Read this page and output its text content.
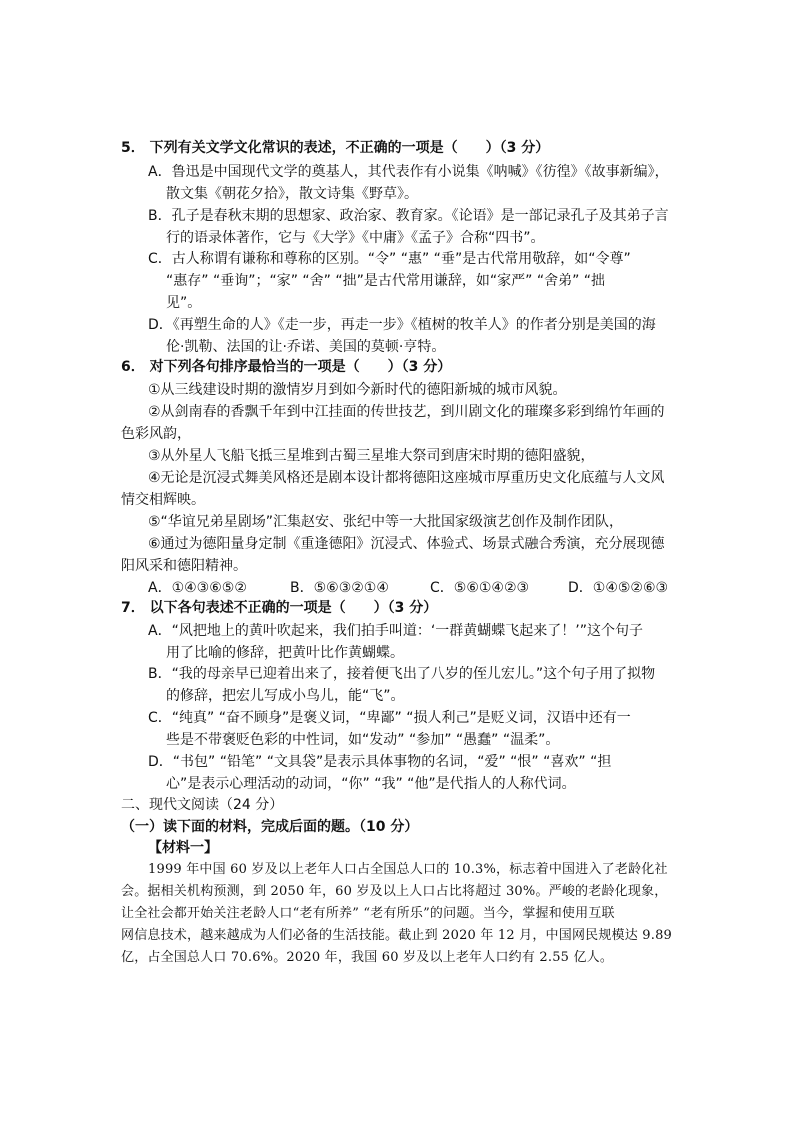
5． 下列有关文学文化常识的表述，不正确的一项是（　　）（3 分）
A．鲁迅是中国现代文学的奠基人，其代表作有小说集《呐喊》《彷徨》《故事新编》，
散文集《朝花夕拾》，散文诗集《野草》。
B．孔子是春秋末期的思想家、政治家、教育家。《论语》是一部记录孔子及其弟子言
行的语录体著作，它与《大学》《中庸》《孟子》合称“四书”。
C．古人称谓有谦称和尊称的区别。“令” “惠” “垂”是古代常用敬辞，如“令尊”
“惠存” “垂询”；“家” “舍” “拙”是古代常用谦辞，如“家严” “舍弟” “拙
见”。
D．《再塑生命的人》《走一步，再走一步》《植树的牧羊人》的作者分别是美国的海
伦·凯勒、法国的让·乔诺、美国的莫顿·亨特。
6． 对下列各句排序最恰当的一项是（　　）（3 分）
①从三线建设时期的激情岁月到如今新时代的德阳新城的城市风貌。
②从剑南春的香飘千年到中江挂面的传世技艺，到川剧文化的璀璨多彩到绵竹年画的
色彩风韵，
③从外星人飞船飞抵三星堆到古蜀三星堆大祭司到唐宋时期的德阳盛貌，
④无论是沉浸式舞美风格还是剧本设计都将德阳这座城市厚重历史文化底蕴与人文风
情交相辉映。
⑤“华谊兄弟星剧场”汇集赵安、张纪中等一大批国家级演艺创作及制作团队，
⑥通过为德阳量身定制《重逢德阳》沉浸式、体验式、场景式融合秀演，充分展现德
阳风采和德阳精神。
A．①④③⑥⑤②	B．⑤⑥③②①④	C．⑤⑥①④②③	D．①④⑤②⑥③
7． 以下各句表述不正确的一项是（　　）（3 分）
A．“风把地上的黄叶吹起来，我们拍手叫道：‘一群黄蝴蝶飞起来了！’”这个句子
用了比喻的修辞，把黄叶比作黄蝴蝶。
B．“我的母亲早已迎着出来了，接着便飞出了八岁的侄儿宏儿。”这个句子用了拟物
的修辞，把宏儿写成小鸟儿，能“飞”。
C．“纯真” “奋不顾身”是褒义词，“卑鄙” “损人利己”是贬义词，汉语中还有一
些是不带褒贬色彩的中性词，如“发动” “参加” “愚蠢” “温柔”。
D．“书包” “铅笔” “文具袋”是表示具体事物的名词，“爱” “恨” “喜欢” “担
心”是表示心理活动的动词，“你” “我” “他”是代指人的人称代词。
二、现代文阅读（24 分）
（一）读下面的材料，完成后面的题。（10 分）
【材料一】
1999 年中国 60 岁及以上老年人口占全国总人口的 10.3%，标志着中国进入了老龄化社
会。据相关机构预测，到 2050 年，60 岁及以上人口占比将超过 30%。严峻的老龄化现象，
让全社会都开始关注老龄人口“老有所养” “老有所乐”的问题。当今，掌握和使用互联
网信息技术，越来越成为人们必备的生活技能。截止到 2020 年 12 月，中国网民规模达 9.89
亿，占全国总人口 70.6%。2020 年，我国 60 岁及以上老年人口约有 2.55 亿人。
